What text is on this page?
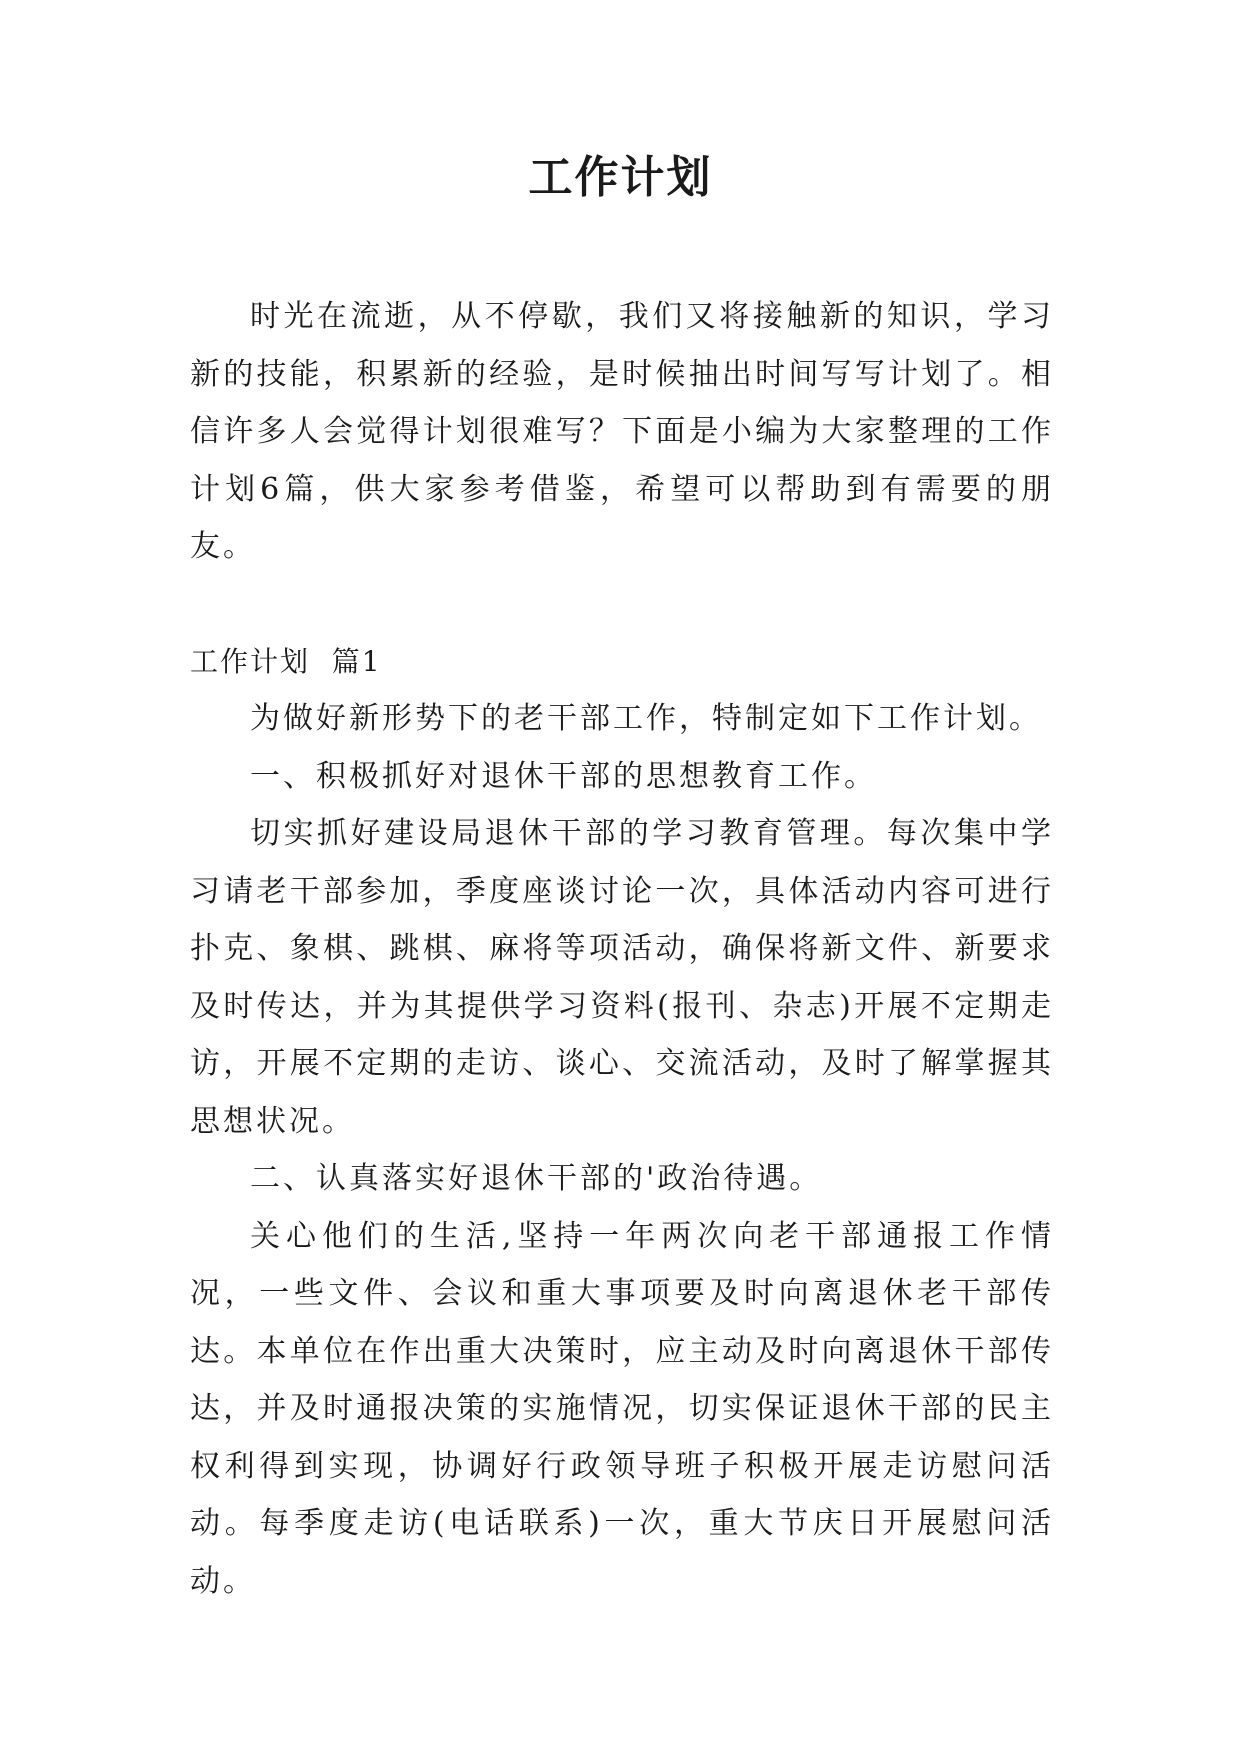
工作计划

时光在流逝，从不停歇，我们又将接触新的知识，学习新的技能，积累新的经验，是时候抽出时间写写计划了。相信许多人会觉得计划很难写？下面是小编为大家整理的工作计划6篇，供大家参考借鉴，希望可以帮助到有需要的朋友。

工作计划  篇1

为做好新形势下的老干部工作，特制定如下工作计划。

一、积极抓好对退休干部的思想教育工作。

切实抓好建设局退休干部的学习教育管理。每次集中学习请老干部参加，季度座谈讨论一次，具体活动内容可进行扑克、象棋、跳棋、麻将等项活动，确保将新文件、新要求及时传达，并为其提供学习资料(报刊、杂志)开展不定期走访，开展不定期的走访、谈心、交流活动，及时了解掌握其思想状况。

二、认真落实好退休干部的'政治待遇。

关心他们的生活,坚持一年两次向老干部通报工作情况，一些文件、会议和重大事项要及时向离退休老干部传达。本单位在作出重大决策时，应主动及时向离退休干部传达，并及时通报决策的实施情况，切实保证退休干部的民主权利得到实现，协调好行政领导班子积极开展走访慰问活动。每季度走访(电话联系)一次，重大节庆日开展慰问活动。
